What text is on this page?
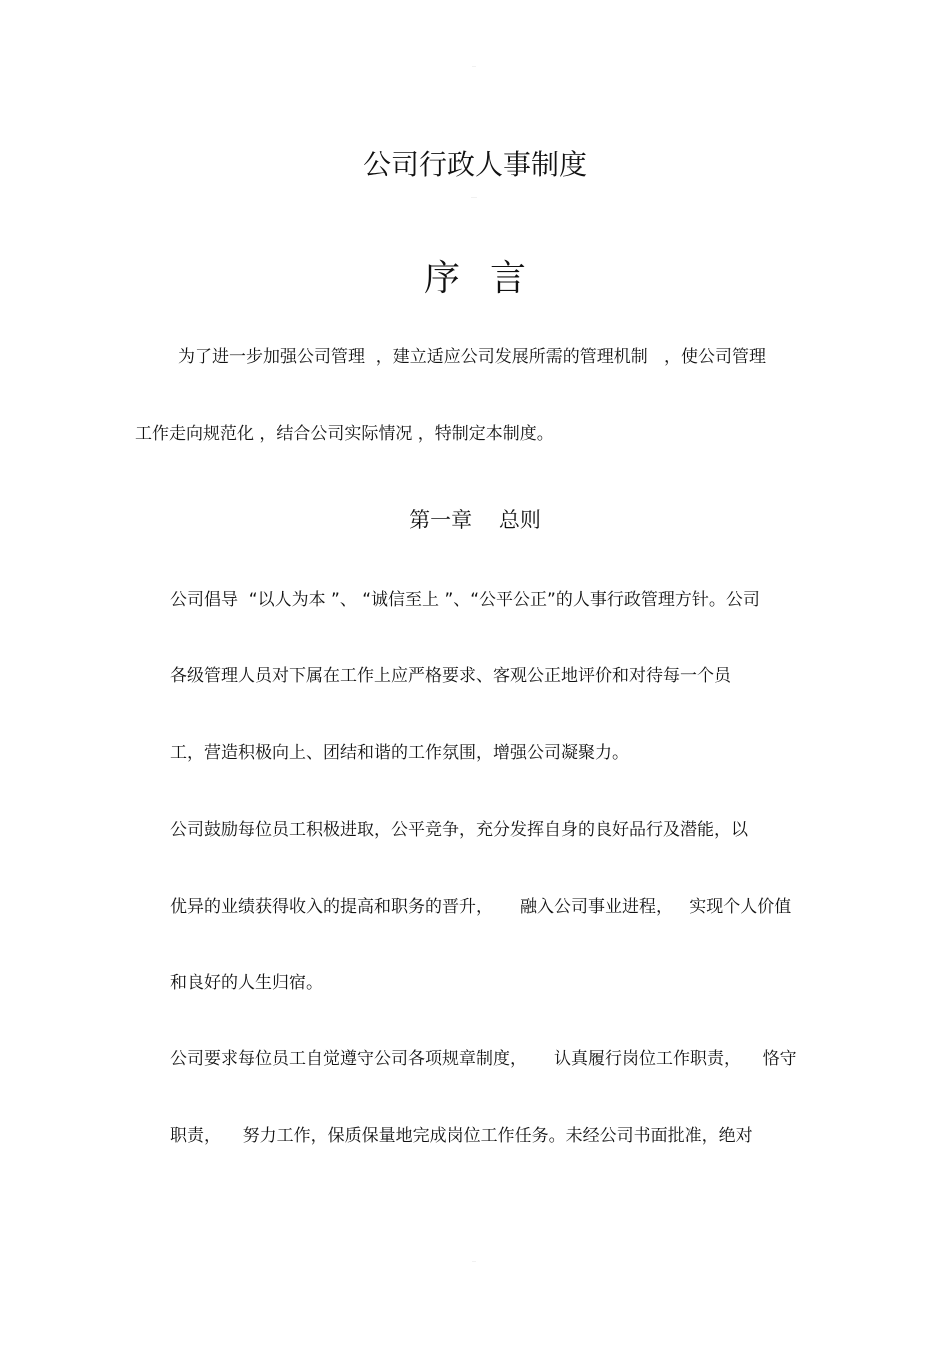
‥
公司行政人事制度
…
序 言
为了进一步加强公司管理  ，建立适应公司发展所需的管理机制   ，使公司管理
工作走向规范化 ，结合公司实际情况 ，特制定本制度。
第一章    总则
公司倡导  “以人为本 ”、 “诚信至上 ”、“公平公正”的人事行政管理方针。公司
各级管理人员对下属在工作上应严格要求、客观公正地评价和对待每一个员
工，营造积极向上、团结和谐的工作氛围，增强公司凝聚力。
公司鼓励每位员工积极进取，公平竞争，充分发挥自身的良好品行及潜能，以
优异的业绩获得收入的提高和职务的晋升，     融入公司事业进程，   实现个人价值
和良好的人生归宿。
公司要求每位员工自觉遵守公司各项规章制度，     认真履行岗位工作职责，    恪守
职责，    努力工作，保质保量地完成岗位工作任务。未经公司书面批准，绝对
‥
